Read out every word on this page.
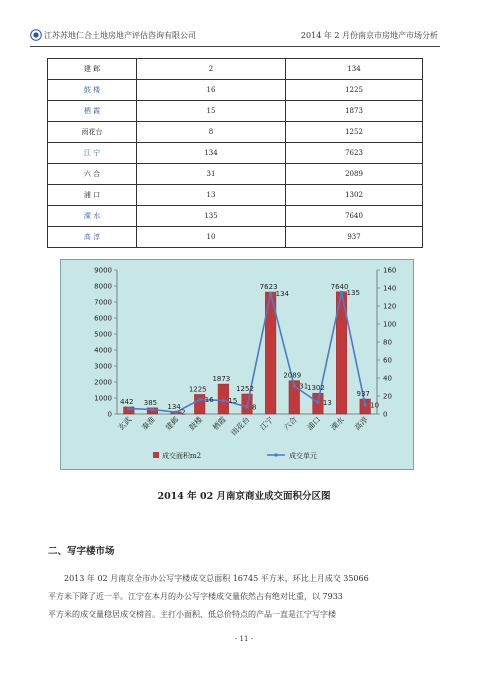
江苏苏地仁合土地房地产评估咨询有限公司	2014 年 2 月份南京市房地产市场分析
建 邺	2	134
鼓 楼	16	1225
栖 霞	15	1873
雨花台	8	1252
江 宁	134	7623
六 合	31	2089
浦 口	13	1302
溧 水	135	7640
高 淳	10	937
0
1000
2000
3000
4000
5000
6000
7000
8000
9000
0
20
40
60
80
100
120
140
160
442 385
134
1225
1873
1252
7623
2089
1302
7640
937
2
16 15
8
134
31
13
135
10
玄武 秦淮 建邺 鼓楼 栖霞 雨花台 江宁 六合 浦口 溧水 高淳
成交面积m2	成交单元
2014 年 02 月南京商业成交面积分区图
二、写字楼市场
2013 年 02 月南京全市办公写字楼成交总面积 16745 平方米，环比上月成交 35066
平方米下降了近一半。江宁在本月的办公写字楼成交量依然占有绝对比重，以 7933
平方米的成交量稳居成交榜首。主打小面积、低总价特点的产品一直是江宁写字楼
- 11 -
